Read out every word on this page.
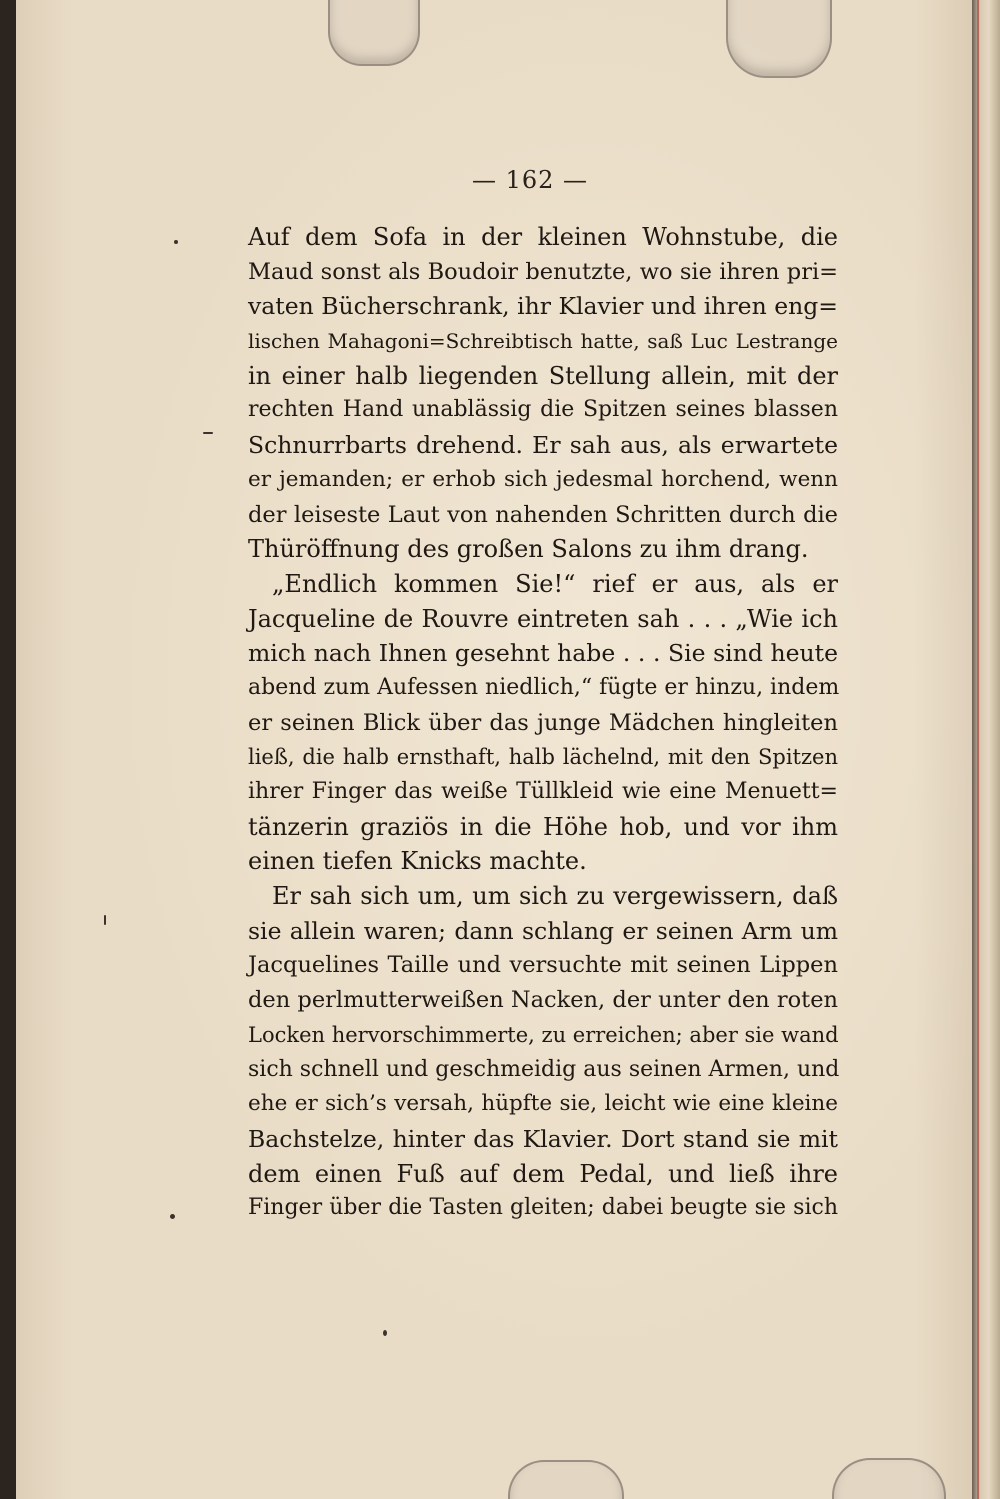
— 162 —
Auf dem Sofa in der kleinen Wohnstube, die
Maud sonst als Boudoir benutzte, wo sie ihren pri=
vaten Bücherschrank, ihr Klavier und ihren eng=
lischen Mahagoni=Schreibtisch hatte, saß Luc Lestrange
in einer halb liegenden Stellung allein, mit der
rechten Hand unablässig die Spitzen seines blassen
Schnurrbarts drehend. Er sah aus, als erwartete
er jemanden; er erhob sich jedesmal horchend, wenn
der leiseste Laut von nahenden Schritten durch die
Thüröffnung des großen Salons zu ihm drang.
„Endlich kommen Sie!“ rief er aus, als er
Jacqueline de Rouvre eintreten sah . . . „Wie ich
mich nach Ihnen gesehnt habe . . . Sie sind heute
abend zum Aufessen niedlich,“ fügte er hinzu, indem
er seinen Blick über das junge Mädchen hingleiten
ließ, die halb ernsthaft, halb lächelnd, mit den Spitzen
ihrer Finger das weiße Tüllkleid wie eine Menuett=
tänzerin graziös in die Höhe hob, und vor ihm
einen tiefen Knicks machte.
Er sah sich um, um sich zu vergewissern, daß
sie allein waren; dann schlang er seinen Arm um
Jacquelines Taille und versuchte mit seinen Lippen
den perlmutterweißen Nacken, der unter den roten
Locken hervorschimmerte, zu erreichen; aber sie wand
sich schnell und geschmeidig aus seinen Armen, und
ehe er sich’s versah, hüpfte sie, leicht wie eine kleine
Bachstelze, hinter das Klavier. Dort stand sie mit
dem einen Fuß auf dem Pedal, und ließ ihre
Finger über die Tasten gleiten; dabei beugte sie sich
